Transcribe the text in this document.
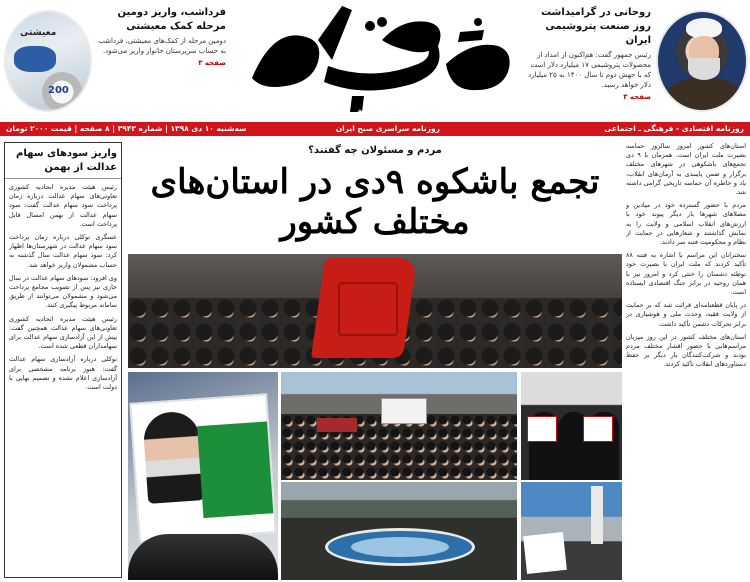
روحانی در گرامیداشت روز صنعت پتروشیمی ایران
رئیس جمهور گفت: هم‌اکنون از امداد از محصولات پتروشیمی ۱۷ میلیارد دلار است که با جهش دوم تا سال ۱۴۰۰ به ۲۵ میلیارد دلار خواهد رسید.
صفحه ۳
صاحب قلم
فرداشب، واریز دومین مرحله کمک معیشتی
دومین مرحله از کمک‌های معیشتی، فردا‌شب به حساب سرپرستان خانوار واریز می‌شود.
صفحه ۳
معیشتی
200
روزنامه اقتصادی - فرهنگی ـ اجتماعی
روزنامه سراسری صبح ایران
سه‌شنبه ۱۰ دی ۱۳۹۸ | شماره ۳۹۴۳ | ۸ صفحه | قیمت ۲۰۰۰ تومان

استان‌های کشور امروز سالروز حماسه بصیرت ملت ایران است. همزمان با ۹ دی تجمع‌های باشکوهی در شهرهای مختلف برگزار و ضمن پایبندی به آرمان‌های انقلاب، یاد و خاطره آن حماسه تاریخی گرامی داشته شد.

مردم با حضور گسترده خود در میادین و مصلاهای شهرها بار دیگر پیوند خود با ارزش‌های انقلاب اسلامی و ولایت را به نمایش گذاشتند و شعارهایی در حمایت از نظام و محکومیت فتنه سر دادند.

سخنرانان این مراسم با اشاره به فتنه ۸۸ تأکید کردند که ملت ایران با بصیرت خود توطئه دشمنان را خنثی کرد و امروز نیز با همان روحیه در برابر جنگ اقتصادی ایستاده است.

در پایان قطعنامه‌ای قرائت شد که بر حمایت از ولایت فقیه، وحدت ملی و هوشیاری در برابر تحرکات دشمن تأکید داشت.

استان‌های مختلف کشور در این روز میزبان مراسم‌هایی با حضور اقشار مختلف مردم بودند و شرکت‌کنندگان بار دیگر بر حفظ دستاوردهای انقلاب تأکید کردند.

واریز سودهای سهام عدالت از بهمن

رئیس هیئت مدیره اتحادیه کشوری تعاونی‌های سهام عدالت درباره زمان پرداخت سود سهام عدالت گفت: سود سهام عدالت از بهمن امسال قابل پرداخت است.

عسگری توکلی درباره زمان پرداخت سود سهام عدالت در شهرستان‌ها اظهار کرد: سود سهام عدالت سال گذشته به حساب مشمولان واریز خواهد شد.

وی افزود: سودهای سهام عدالت در سال جاری نیز پس از تصویب مجامع پرداخت می‌شود و مشمولان می‌توانند از طریق سامانه مربوط پیگیری کنند.

رئیس هیئت مدیره اتحادیه کشوری تعاونی‌های سهام عدالت همچنین گفت: پیش از این آزادسازی سهام عدالت برای سهامداران قطعی شده است.

توکلی درباره آزادسازی سهام عدالت گفت: هنوز برنامه مشخصی برای آزادسازی اعلام نشده و تصمیم نهایی با دولت است.

مردم و مسئولان چه گفتند؟
تجمع باشکوه ۹دی در استان‌های
مختلف کشور
